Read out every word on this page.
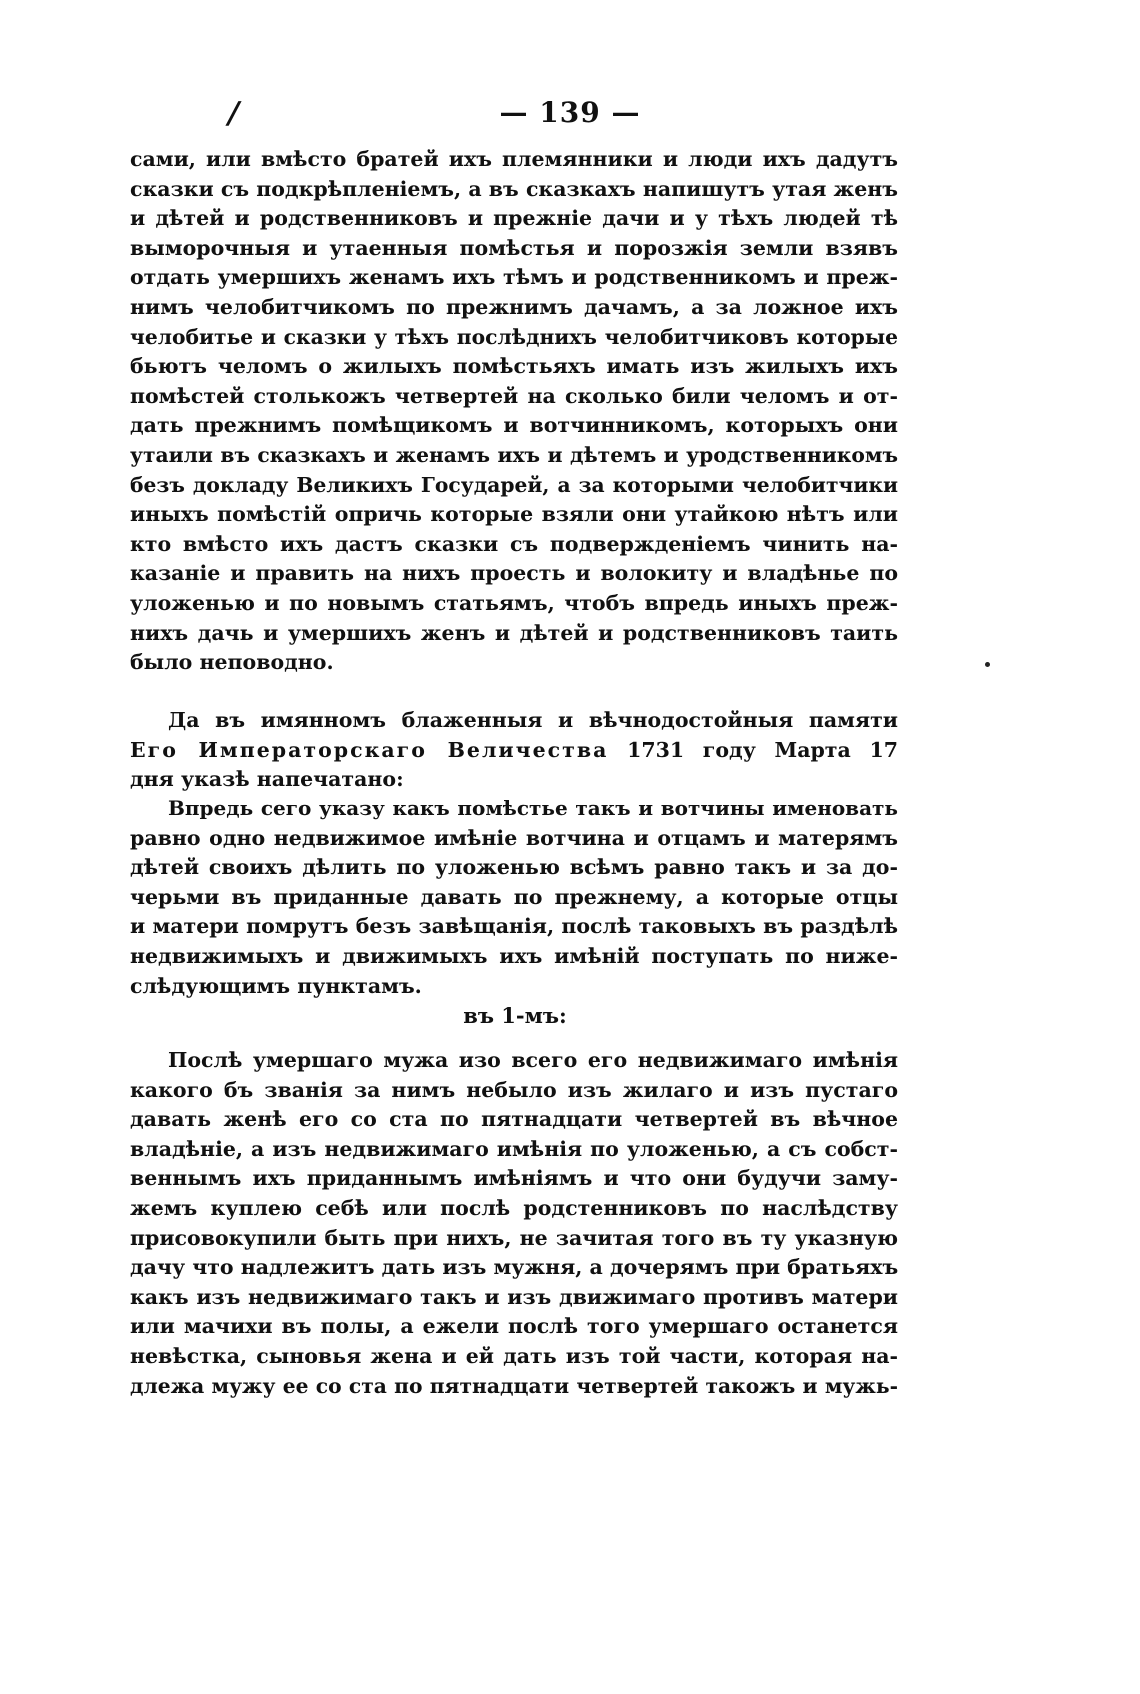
/	— 139 —
сами, или вмѣсто братей ихъ племянники и люди ихъ дадутъ
сказки съ подкрѣпленіемъ, а въ сказкахъ напишутъ утая женъ
и дѣтей и родственниковъ и прежніе дачи и у тѣхъ людей тѣ
выморочныя и утаенныя помѣстья и порозжія земли взявъ
отдать умершихъ женамъ ихъ тѣмъ и родственникомъ и преж-
нимъ челобитчикомъ по прежнимъ дачамъ, а за ложное ихъ
челобитье и сказки у тѣхъ послѣднихъ челобитчиковъ которые
бьютъ челомъ о жилыхъ помѣстьяхъ имать изъ жилыхъ ихъ
помѣстей столькожъ четвертей на сколько били челомъ и от-
дать прежнимъ помѣщикомъ и вотчинникомъ, которыхъ они
утаили въ сказкахъ и женамъ ихъ и дѣтемъ и уродственникомъ
безъ докладу Великихъ Государей, а за которыми челобитчики
иныхъ помѣстій опричь которые взяли они утайкою нѣтъ или
кто вмѣсто ихъ дастъ сказки съ подверждeніемъ чинить на-
казаніе и править на нихъ проесть и волокиту и владѣнье по
уложенью и по новымъ статьямъ, чтобъ впредь иныхъ преж-
нихъ дачь и умершихъ женъ и дѣтей и родственниковъ таить
было неповодно.
Да въ имянномъ блаженныя и вѣчнодостойныя памяти
Его Императорскаго Величества 1731 году Марта 17
дня указѣ напечатано:
Впредь сего указу какъ помѣстье такъ и вотчины именовать
равно одно недвижимое имѣніе вотчина и отцамъ и матерямъ
дѣтей своихъ дѣлить по уложенью всѣмъ равно такъ и за до-
черьми въ приданные давать по прежнему, а которые отцы
и матери помрутъ безъ завѣщанія, послѣ таковыхъ въ раздѣлѣ
недвижимыхъ и движимыхъ ихъ имѣній поступать по ниже-
слѣдующимъ пунктамъ.
въ 1-мъ:
Послѣ умершаго мужа изо всего его недвижимаго имѣнія
какого бъ званія за нимъ небыло изъ жилаго и изъ пустаго
давать женѣ его со ста по пятнадцати четвертей въ вѣчное
владѣніе, а изъ недвижимаго имѣнія по уложенью, а съ собст-
веннымъ ихъ приданнымъ имѣніямъ и что они будучи заму-
жемъ куплею себѣ или послѣ родстенниковъ по наслѣдству
присовокупили быть при нихъ, не зачитая того въ ту указную
дачу что надлежитъ дать изъ мужня, а дочерямъ при братьяхъ
какъ изъ недвижимаго такъ и изъ движимаго противъ матери
или мачихи въ полы, а ежели послѣ того умершаго останется
невѣстка, сыновья жена и ей дать изъ той части, которая на-
длежа мужу ее со ста по пятнадцати четвертей такожъ и мужь-
